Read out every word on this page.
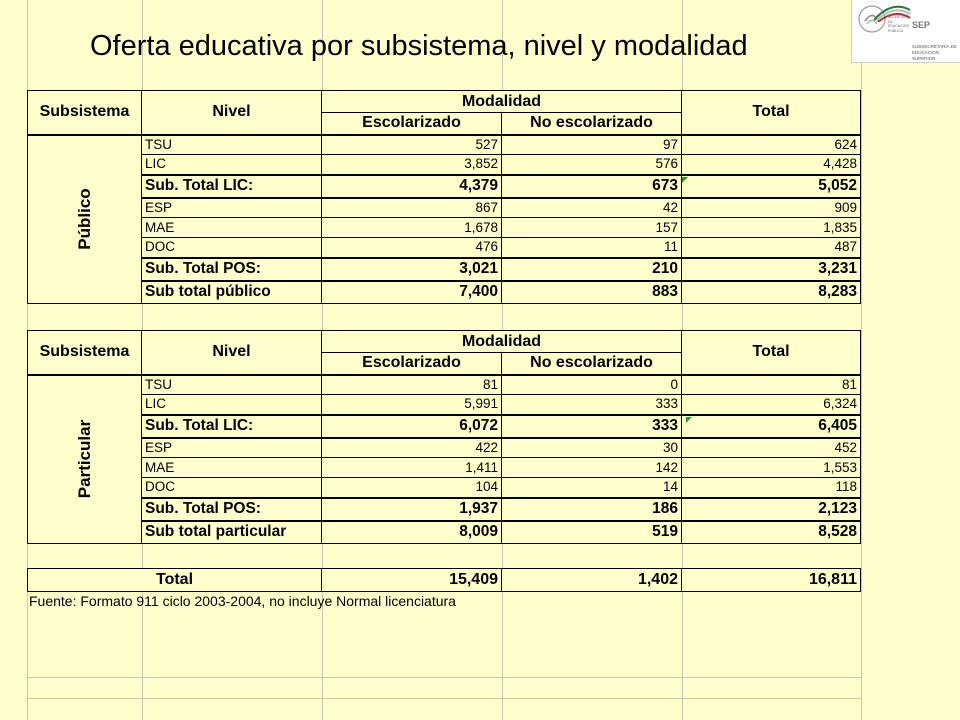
Oferta educativa por subsistema, nivel y modalidad
SECRETARÍA DE EDUCACIÓN PÚBLICA
SEP
SUBSECRETARÍA DE EDUCACIÓN SUPERIOR
Subsistema	Nivel	Modalidad		Total
		Escolarizado	No escolarizado	

Público	TSU	527	97	624
	LIC	3,852	576	4,428
	Sub. Total LIC:	4,379	673	5,052
	ESP	867	42	909
	MAE	1,678	157	1,835
	DOC	476	11	487
	Sub. Total POS:	3,021	210	3,231
	Sub total público	7,400	883	8,283
Subsistema	Nivel	Modalidad		Total
		Escolarizado	No escolarizado	

Particular	TSU	81	0	81
	LIC	5,991	333	6,324
	Sub. Total LIC:	6,072	333	6,405
	ESP	422	30	452
	MAE	1,411	142	1,553
	DOC	104	14	118
	Sub. Total POS:	1,937	186	2,123
	Sub total particular	8,009	519	8,528
Total	15,409	1,402	16,811
Fuente: Formato 911 ciclo 2003-2004, no incluye Normal licenciatura
